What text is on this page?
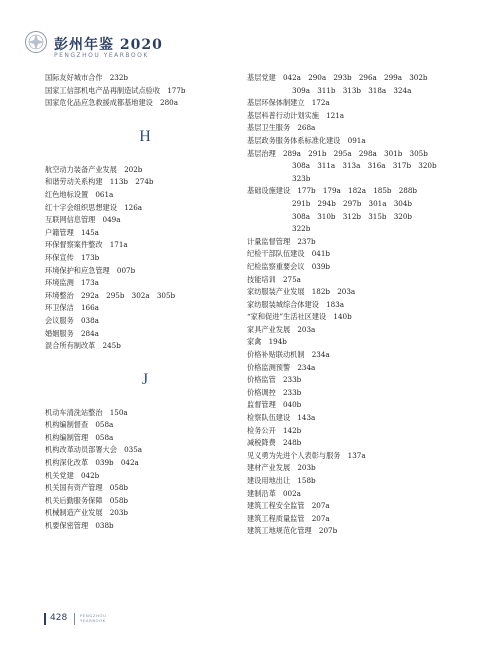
彭州年鉴 2020
PENGZHOU YEARBOOK
国际友好城市合作　232b
国家工信部机电产品再制造试点验收　177b
国家危化品应急救援成都基地建设　280a
H
航空动力装备产业发展　202b
和谐劳动关系构建　113b　274b
红色地标设置　061a
红十字会组织思想建设　126a
互联网信息管理　049a
户籍管理　145a
环保督察案件整改　171a
环保宣传　173b
环境保护和应急管理　007b
环境监测　173a
环境整治　292a　295b　302a　305b
环卫保洁　166a
会议服务　038a
婚姻服务　284a
混合所有制改革　245b
J
机动车清洗站整治　150a
机构编制督查　058a
机构编制管理　058a
机构改革动员部署大会　035a
机构深化改革　039b　042a
机关党建　042b
机关国有资产管理　058b
机关后勤服务保障　058b
机械制造产业发展　203b
机要保密管理　038b
基层党建　042a　290a　293b　296a　299a　302b
309a　311b　313b　318a　324a
基层环保体制建立　172a
基层科普行动计划实施　121a
基层卫生服务　268a
基层政务服务体系标准化建设　091a
基层治理　289a　291b　295a　298a　301b　305b
308a　311a　313a　316a　317b　320b
323b
基础设施建设　177b　179a　182a　185b　288b
291b　294b　297b　301a　304b
308a　310b　312b　315b　320b
322b
计量监督管理　237b
纪检干部队伍建设　041b
纪检监察重要会议　039b
技能培训　275a
家纺服装产业发展　182b　203a
家纺服装城综合体建设　183a
“家和促进”生活社区建设　140b
家具产业发展　203a
家禽　194b
价格补贴联动机制　234a
价格监测预警　234a
价格监管　233b
价格调控　233b
监督管理　040b
检察队伍建设　143a
检务公开　142b
减税降费　248b
见义勇为先进个人表彰与服务　137a
建材产业发展　203b
建设用地出让　158b
建制沿革　002a
建筑工程安全监管　207a
建筑工程质量监管　207a
建筑工地规范化管理　207b
428	PENGZHOU
YEARBOOK
